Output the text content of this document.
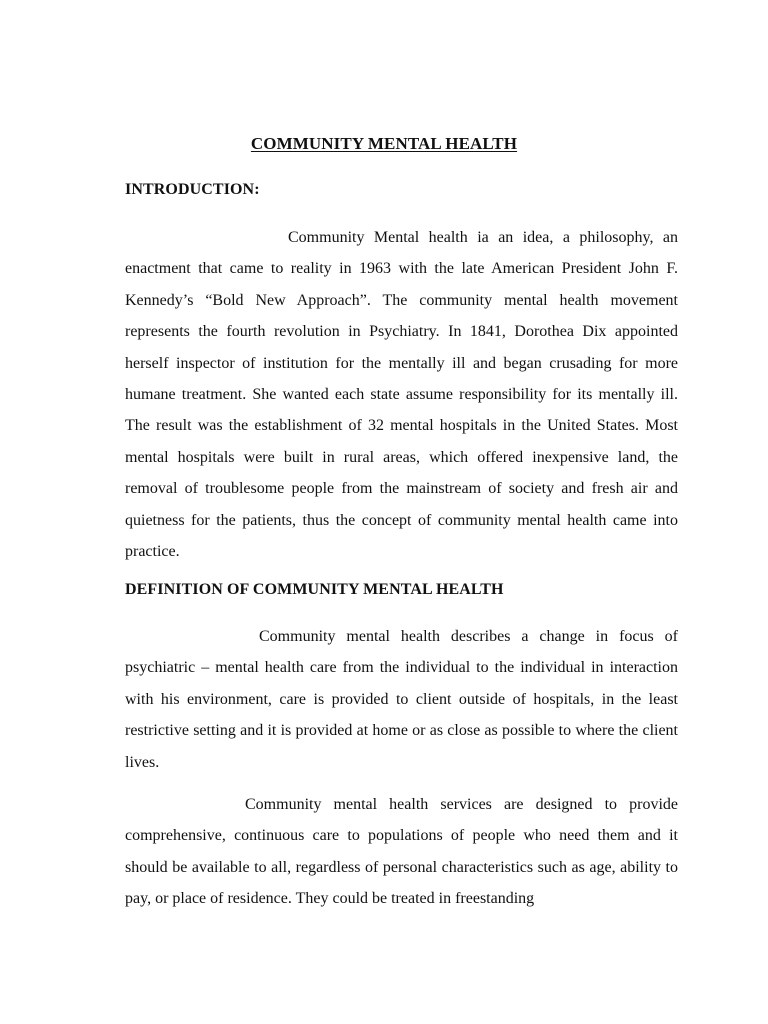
COMMUNITY MENTAL HEALTH
INTRODUCTION:

Community Mental health ia an idea, a philosophy, an enactment that came to reality in 1963 with the late American President John F. Kennedy’s “Bold New Approach”. The community mental health movement represents the fourth revolution in Psychiatry. In 1841, Dorothea Dix appointed herself inspector of institution for the mentally ill and began crusading for more humane treatment. She wanted each state assume responsibility for its mentally ill. The result was the establishment of 32 mental hospitals in the United States. Most mental hospitals were built in rural areas, which offered inexpensive land, the removal of troublesome people from the mainstream of society and fresh air and quietness for the patients, thus the concept of community mental health came into practice.

DEFINITION OF COMMUNITY MENTAL HEALTH

Community mental health describes a change in focus of psychiatric – mental health care from the individual to the individual in interaction with his environment, care is provided to client outside of hospitals, in the least restrictive setting and it is provided at home or as close as possible to where the client lives.

Community mental health services are designed to provide comprehensive, continuous care to populations of people who need them and it should be available to all, regardless of personal characteristics such as age, ability to pay, or place of residence. They could be treated in freestanding
